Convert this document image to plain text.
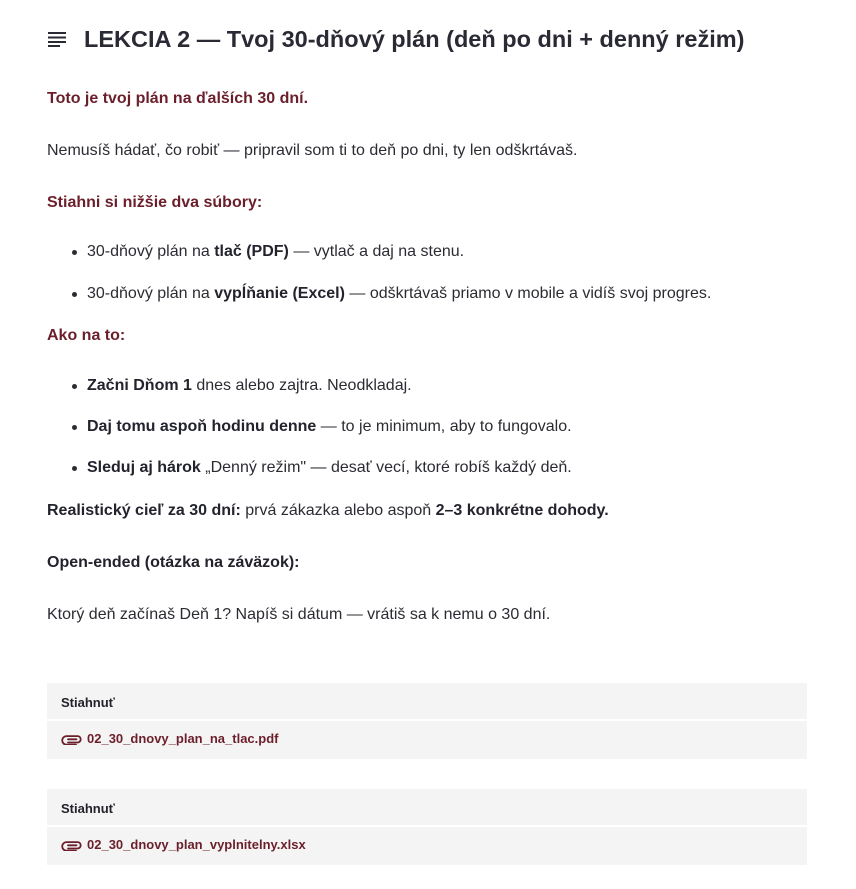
LEKCIA 2 — Tvoj 30-dňový plán (deň po dni + denný režim)
Toto je tvoj plán na ďalších 30 dní.
Nemusíš hádať, čo robiť — pripravil som ti to deň po dni, ty len odškrtávaš.
Stiahni si nižšie dva súbory:
30-dňový plán na tlač (PDF) — vytlač a daj na stenu.
30-dňový plán na vypĺňanie (Excel) — odškrtávaš priamo v mobile a vidíš svoj progres.
Ako na to:
Začni Dňom 1 dnes alebo zajtra. Neodkladaj.
Daj tomu aspoň hodinu denne — to je minimum, aby to fungovalo.
Sleduj aj hárok „Denný režim" — desať vecí, ktoré robíš každý deň.
Realistický cieľ za 30 dní: prvá zákazka alebo aspoň 2–3 konkrétne dohody.
Open-ended (otázka na záväzok):
Ktorý deň začínaš Deň 1? Napíš si dátum — vrátiš sa k nemu o 30 dní.
Stiahnuť
02_30_dnovy_plan_na_tlac.pdf
Stiahnuť
02_30_dnovy_plan_vyplnitelny.xlsx
